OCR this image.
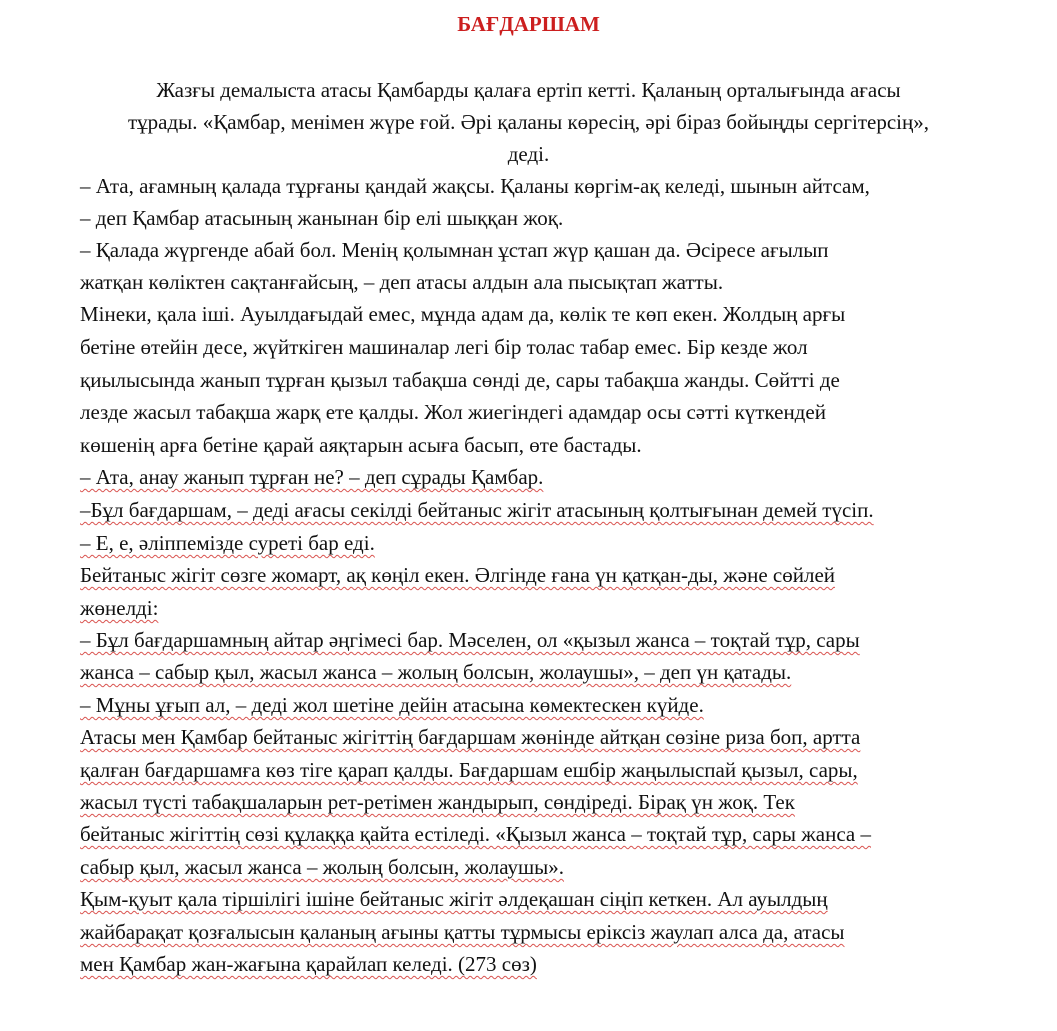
БАҒДАРШАМ
Жазғы демалыста атасы Қамбарды қалаға ертіп кетті. Қаланың орталығында ағасы
тұрады. «Қамбар, менімен жүре ғой. Әрі қаланы көресің, әрі біраз бойыңды сергітерсің»,
деді.
– Ата, ағамның қалада тұрғаны қандай жақсы. Қаланы көргім-ақ келеді, шынын айтсам,
– деп Қамбар атасының жанынан бір елі шыққан жоқ.
– Қалада жүргенде абай бол. Менің қолымнан ұстап жүр қашан да. Әсіресе ағылып
жатқан көліктен сақтанғайсың, – деп атасы алдын ала пысықтап жатты.
Мінеки, қала іші. Ауылдағыдай емес, мұнда адам да, көлік те көп екен. Жолдың арғы
бетіне өтейін десе, жүйткіген машиналар легі бір толас табар емес. Бір кезде жол
қиылысында жанып тұрған қызыл табақша сөнді де, сары табақша жанды. Сөйтті де
лезде жасыл табақша жарқ ете қалды. Жол жиегіндегі адамдар осы сәтті күткендей
көшенің арға бетіне қарай аяқтарын асыға басып, өте бастады.
– Ата, анау жанып тұрған не? – деп сұрады Қамбар.
–Бұл бағдаршам, – деді ағасы секілді бейтаныс жігіт атасының қолтығынан демей түсіп.
– Е, е, әліппемізде суреті бар еді.
Бейтаныс жігіт сөзге жомарт, ақ көңіл екен. Әлгінде ғана үн қатқан-ды, және сөйлей
жөнелді:
– Бұл бағдаршамның айтар әңгімесі бар. Мәселен, ол «қызыл жанса – тоқтай тұр, сары
жанса – сабыр қыл, жасыл жанса – жолың болсын, жолаушы», – деп үн қатады.
– Мұны ұғып ал, – деді жол шетіне дейін атасына көмектескен күйде.
Атасы мен Қамбар бейтаныс жігіттің бағдаршам жөнінде айтқан сөзіне риза боп, артта
қалған бағдаршамға көз тіге қарап қалды. Бағдаршам ешбір жаңылыспай қызыл, сары,
жасыл түсті табақшаларын рет-ретімен жандырып, сөндіреді. Бірақ үн жоқ. Тек
бейтаныс жігіттің сөзі құлаққа қайта естіледі. «Қызыл жанса – тоқтай тұр, сары жанса –
сабыр қыл, жасыл жанса – жолың болсын, жолаушы».
Қым-қуыт қала тіршілігі ішіне бейтаныс жігіт әлдеқашан сіңіп кеткен. Ал ауылдың
жайбарақат қозғалысын қаланың ағыны қатты тұрмысы еріксіз жаулап алса да, атасы
мен Қамбар жан-жағына қарайлап келеді. (273 сөз)
